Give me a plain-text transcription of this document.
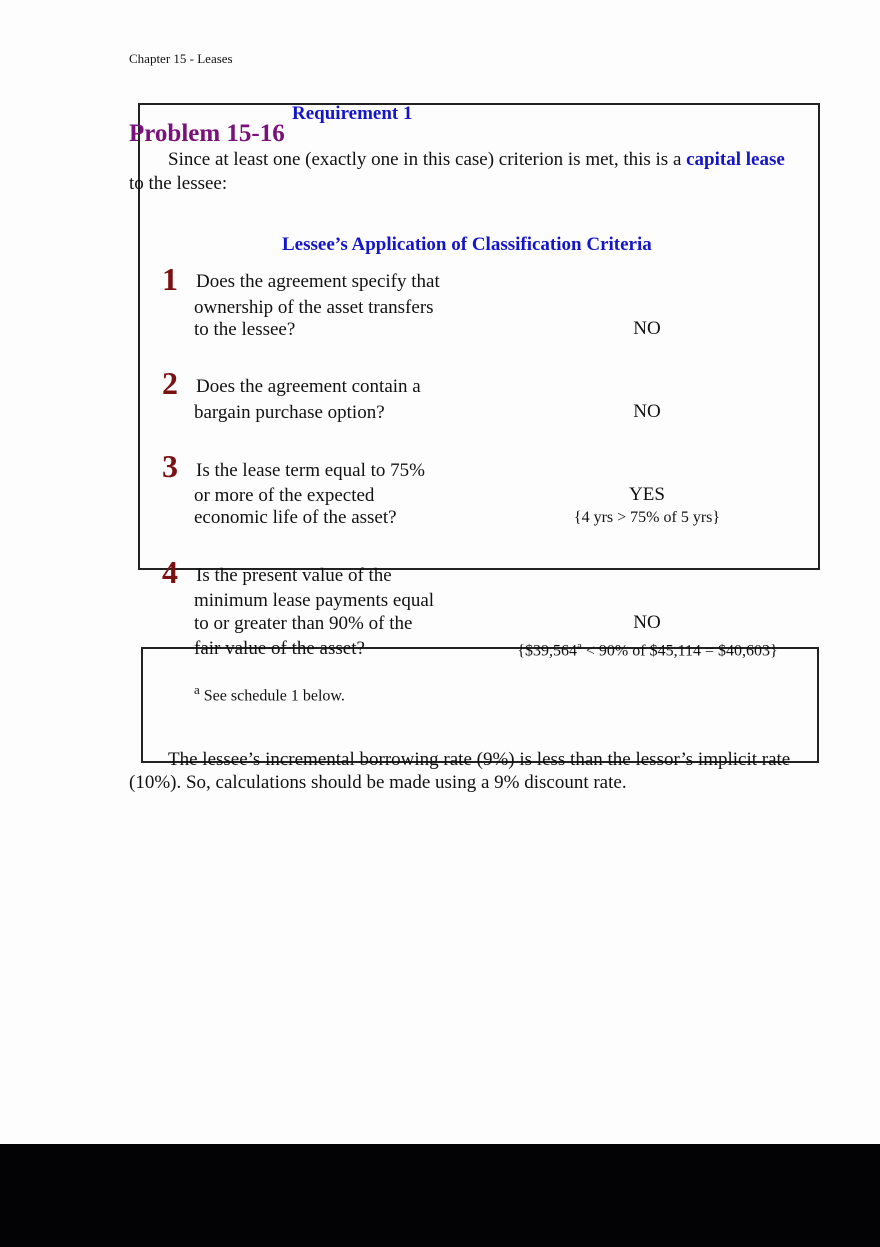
Chapter 15 - Leases
Requirement 1
Problem 15-16
Since at least one (exactly one in this case) criterion is met, this is a capital lease
to the lessee:
Lessee’s Application of Classification Criteria
1 Does the agreement specify that
ownership of the asset transfers
to the lessee?	NO
2 Does the agreement contain a
bargain purchase option?	NO
3 Is the lease term equal to 75%
or more of the expected
economic life of the asset?
YES
{4 yrs > 75% of 5 yrs}
4 Is the present value of the
minimum lease payments equal
to or greater than 90% of the
fair value of the asset?
NO
{$39,564$^a$ < 90% of $45,114 = $40,603}
$^a$ See schedule 1 below.
The lessee’s incremental borrowing rate (9%) is less than the lessor’s implicit rate
(10%). So, calculations should be made using a 9% discount rate.
